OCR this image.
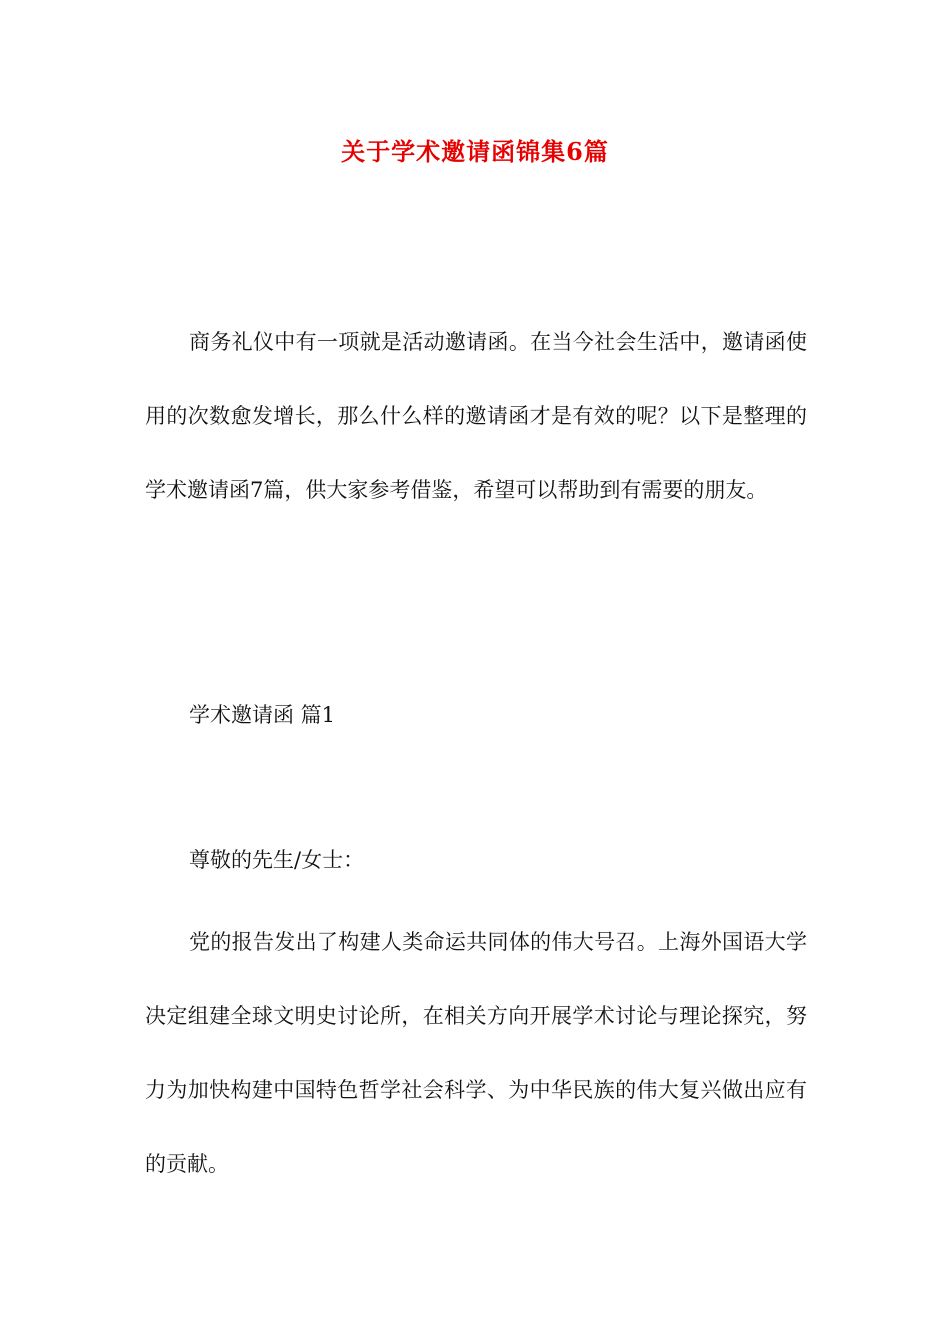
关于学术邀请函锦集6篇
商务礼仪中有一项就是活动邀请函。在当今社会生活中，邀请函使用的次数愈发增长，那么什么样的邀请函才是有效的呢？以下是整理的学术邀请函7篇，供大家参考借鉴，希望可以帮助到有需要的朋友。
学术邀请函 篇1
尊敬的先生/女士：
党的报告发出了构建人类命运共同体的伟大号召。上海外国语大学决定组建全球文明史讨论所，在相关方向开展学术讨论与理论探究，努力为加快构建中国特色哲学社会科学、为中华民族的伟大复兴做出应有的贡献。
